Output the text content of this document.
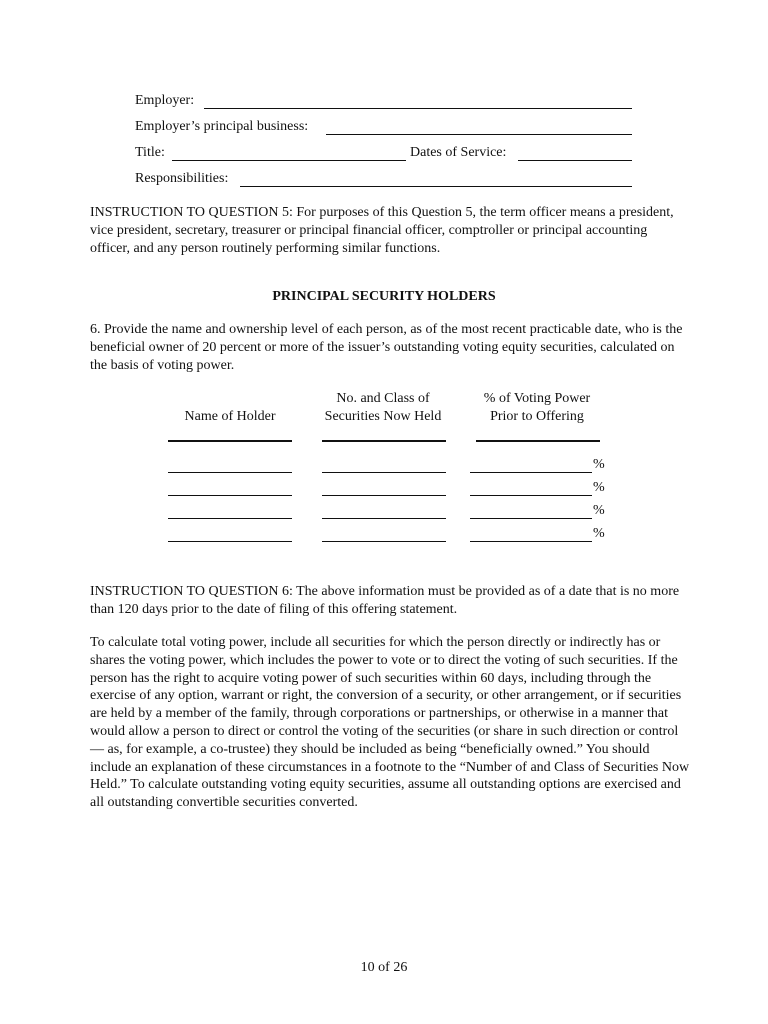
Employer:
Employer’s principal business:
Title:	Dates of Service:
Responsibilities:
INSTRUCTION TO QUESTION 5: For purposes of this Question 5, the term officer means a president, vice president, secretary, treasurer or principal financial officer, comptroller or principal accounting officer, and any person routinely performing similar functions.
PRINCIPAL SECURITY HOLDERS
6. Provide the name and ownership level of each person, as of the most recent practicable date, who is the beneficial owner of 20 percent or more of the issuer’s outstanding voting equity securities, calculated on the basis of voting power.
Name of Holder
No. and Class of
Securities Now Held
% of Voting Power
Prior to Offering
%
%
%
%
INSTRUCTION TO QUESTION 6: The above information must be provided as of a date that is no more than 120 days prior to the date of filing of this offering statement.
To calculate total voting power, include all securities for which the person directly or indirectly has or shares the voting power, which includes the power to vote or to direct the voting of such securities. If the person has the right to acquire voting power of such securities within 60 days, including through the exercise of any option, warrant or right, the conversion of a security, or other arrangement, or if securities are held by a member of the family, through corporations or partnerships, or otherwise in a manner that would allow a person to direct or control the voting of the securities (or share in such direction or control — as, for example, a co-trustee) they should be included as being “beneficially owned.” You should include an explanation of these circumstances in a footnote to the “Number of and Class of Securities Now Held.” To calculate outstanding voting equity securities, assume all outstanding options are exercised and all outstanding convertible securities converted.
10 of 26
